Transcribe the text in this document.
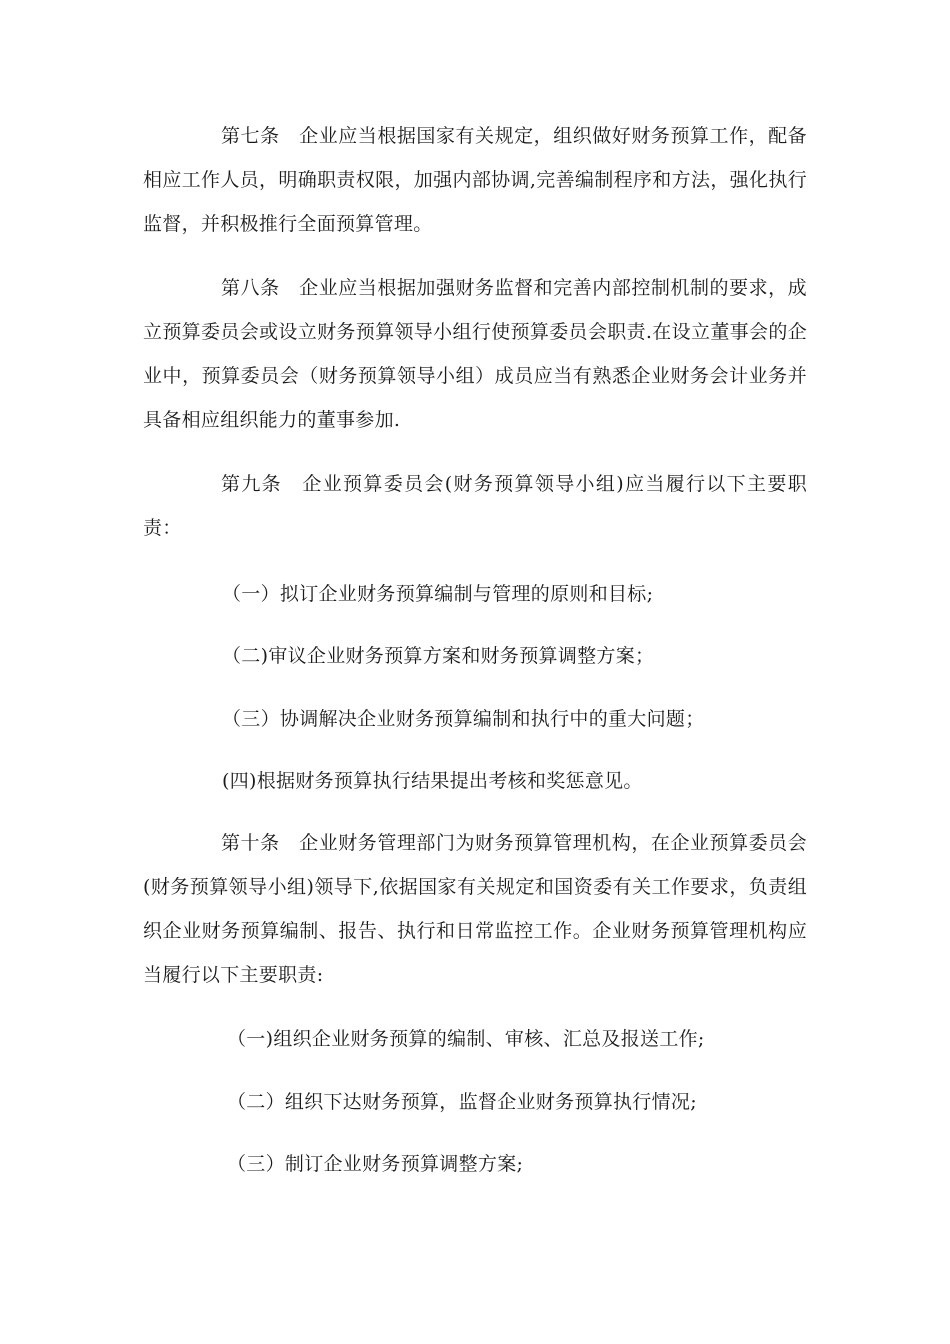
第七条　企业应当根据国家有关规定，组织做好财务预算工作，配备相应工作人员，明确职责权限，加强内部协调,完善编制程序和方法，强化执行监督，并积极推行全面预算管理。

第八条　企业应当根据加强财务监督和完善内部控制机制的要求，成立预算委员会或设立财务预算领导小组行使预算委员会职责.在设立董事会的企业中，预算委员会（财务预算领导小组）成员应当有熟悉企业财务会计业务并具备相应组织能力的董事参加.

第九条　企业预算委员会(财务预算领导小组)应当履行以下主要职责：

（一）拟订企业财务预算编制与管理的原则和目标;

（二)审议企业财务预算方案和财务预算调整方案；

（三）协调解决企业财务预算编制和执行中的重大问题；

(四)根据财务预算执行结果提出考核和奖惩意见。

第十条　企业财务管理部门为财务预算管理机构，在企业预算委员会(财务预算领导小组)领导下,依据国家有关规定和国资委有关工作要求，负责组织企业财务预算编制、报告、执行和日常监控工作。企业财务预算管理机构应当履行以下主要职责:

（一)组织企业财务预算的编制、审核、汇总及报送工作;

（二）组织下达财务预算，监督企业财务预算执行情况;

（三）制订企业财务预算调整方案;
